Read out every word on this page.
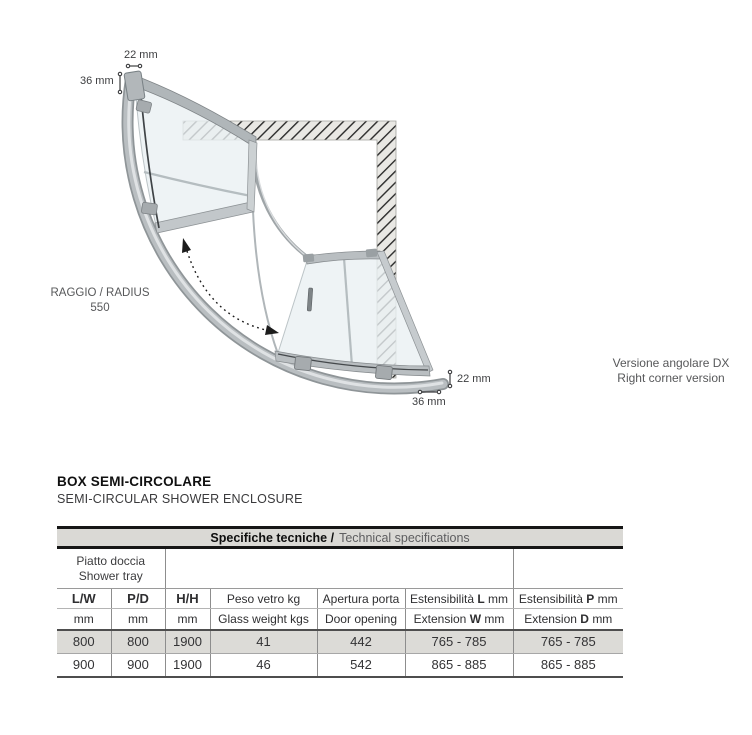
22 mm
36 mm
22 mm
36 mm
RAGGIO / RADIUS
550
Versione angolare DX
Right corner version
BOX SEMI-CIRCOLARE
SEMI-CIRCULAR SHOWER ENCLOSURE
Specifiche tecniche / Technical specifications						

Piatto doccia
Shower tray						

L/W	P/D	H/H	Peso vetro kg	Apertura porta	Estensibilità L mm	Estensibilità P mm
mm	mm	mm	Glass weight kgs	Door opening	Extension W mm	Extension D mm
800	800	1900	41	442	765 - 785	765 - 785
900	900	1900	46	542	865 - 885	865 - 885
